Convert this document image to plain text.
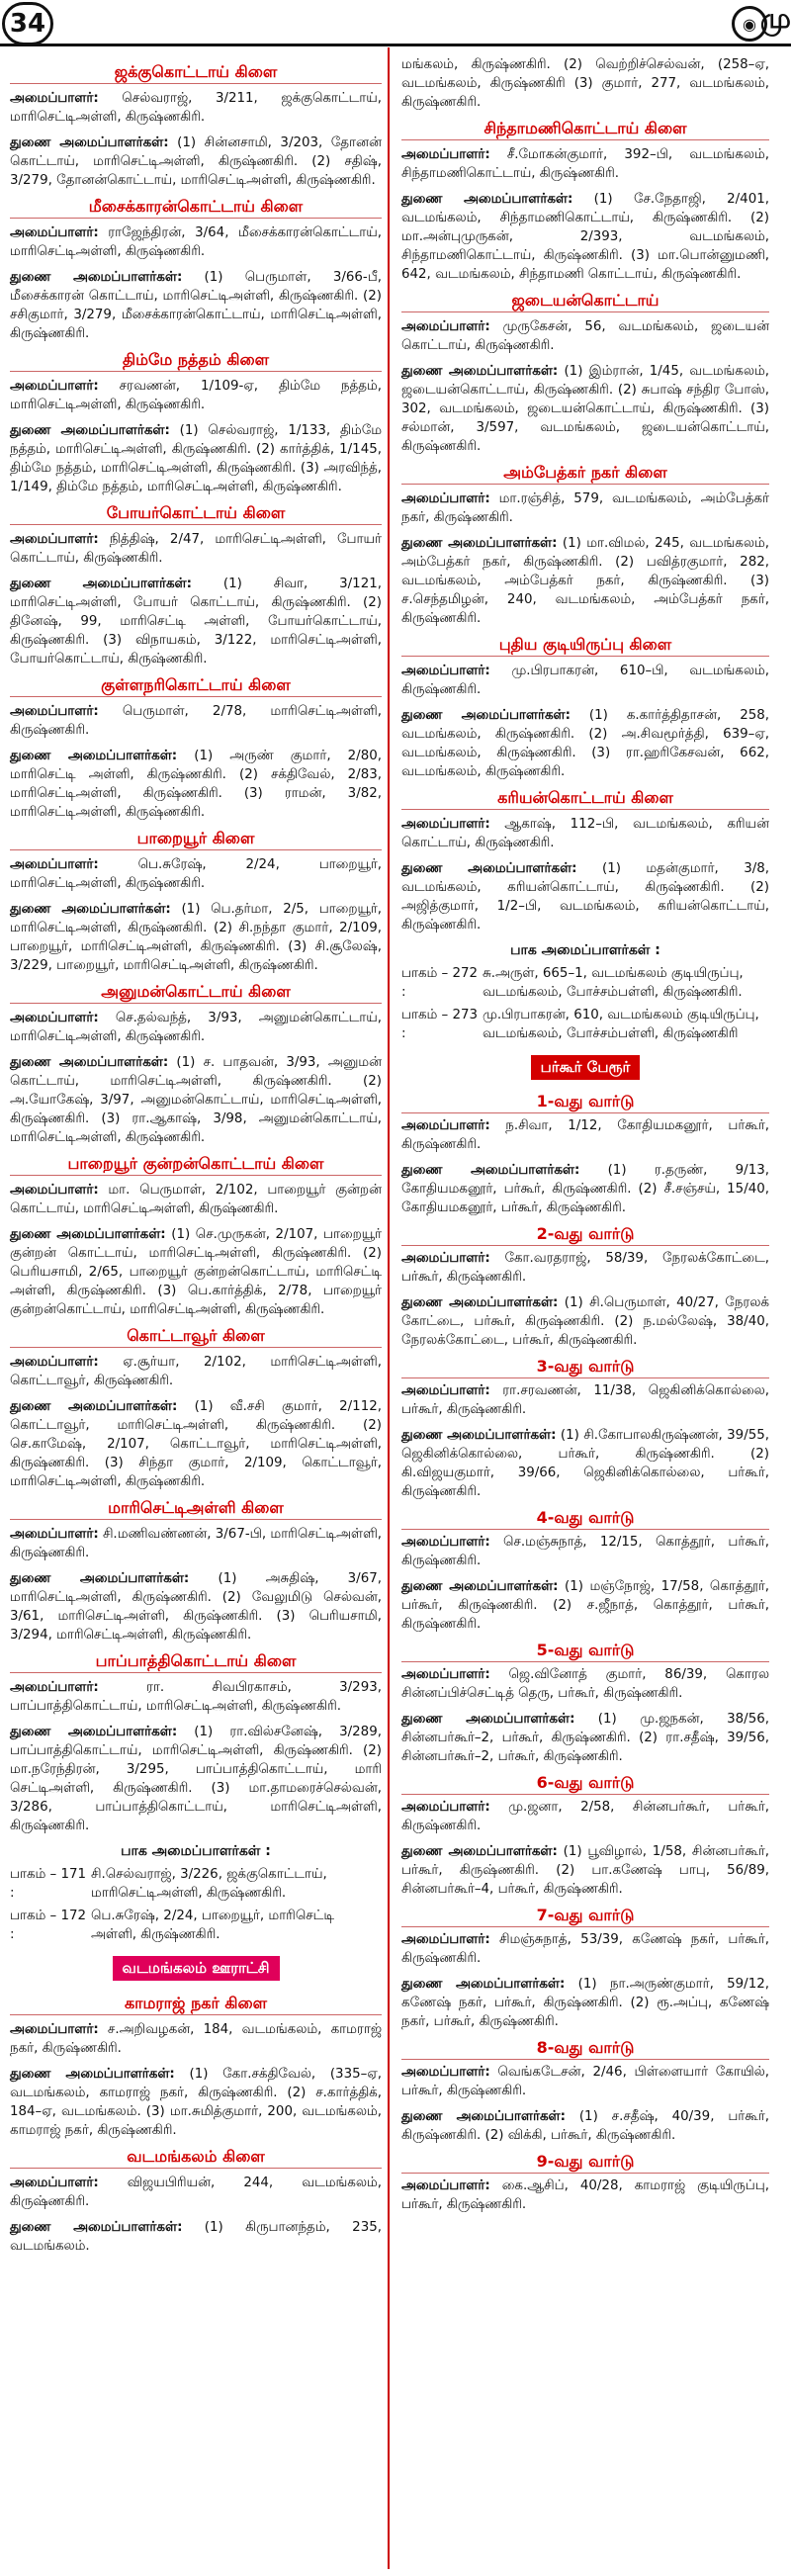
34	◉ மு
ஜக்குகொட்டாய் கிளை
அமைப்பாளர்: செல்வராஜ், 3/211, ஜக்குகொட்டாய், மாரிசெட்டிஅள்ளி, கிருஷ்ணகிரி.
துணை அமைப்பாளர்கள்: (1) சின்னசாமி, 3/203, தோனன் கொட்டாய், மாரிசெட்டிஅள்ளி, கிருஷ்ணகிரி. (2) சதிஷ், 3/279, தோனன்கொட்டாய், மாரிசெட்டிஅள்ளி, கிருஷ்ணகிரி.
மீசைக்காரன்கொட்டாய் கிளை
அமைப்பாளர்: ராஜேந்திரன், 3/64, மீசைக்காரன்கொட்டாய், மாரிசெட்டிஅள்ளி, கிருஷ்ணகிரி.
துணை அமைப்பாளர்கள்: (1) பெருமாள், 3/66-பீ, மீசைக்காரன் கொட்டாய், மாரிசெட்டிஅள்ளி, கிருஷ்ணகிரி. (2) சசிகுமார், 3/279, மீசைக்காரன்கொட்டாய், மாரிசெட்டிஅள்ளி, கிருஷ்ணகிரி.
திம்மே நத்தம் கிளை
அமைப்பாளர்: சரவணன், 1/109-ஏ, திம்மே நத்தம், மாரிசெட்டிஅள்ளி, கிருஷ்ணகிரி.
துணை அமைப்பாளர்கள்: (1) செல்வராஜ், 1/133, திம்மே நத்தம், மாரிசெட்டிஅள்ளி, கிருஷ்ணகிரி. (2) கார்த்திக், 1/145, திம்மே நத்தம், மாரிசெட்டிஅள்ளி, கிருஷ்ணகிரி. (3) அரவிந்த், 1/149, திம்மே நத்தம், மாரிசெட்டிஅள்ளி, கிருஷ்ணகிரி.
போயர்கொட்டாய் கிளை
அமைப்பாளர்: நித்திஷ், 2/47, மாரிசெட்டிஅள்ளி, போயர் கொட்டாய், கிருஷ்ணகிரி.
துணை அமைப்பாளர்கள்: (1) சிவா, 3/121, மாரிசெட்டிஅள்ளி, போயர் கொட்டாய், கிருஷ்ணகிரி. (2) தினேஷ், 99, மாரிசெட்டி அள்ளி, போயர்கொட்டாய், கிருஷ்ணகிரி. (3) விநாயகம், 3/122, மாரிசெட்டிஅள்ளி, போயர்கொட்டாய், கிருஷ்ணகிரி.
குள்ளநரிகொட்டாய் கிளை
அமைப்பாளர்: பெருமாள், 2/78, மாரிசெட்டிஅள்ளி, கிருஷ்ணகிரி.
துணை அமைப்பாளர்கள்: (1) அருண் குமார், 2/80, மாரிசெட்டி அள்ளி, கிருஷ்ணகிரி. (2) சக்திவேல், 2/83, மாரிசெட்டிஅள்ளி, கிருஷ்ணகிரி. (3) ராமன், 3/82, மாரிசெட்டிஅள்ளி, கிருஷ்ணகிரி.
பாறையூர் கிளை
அமைப்பாளர்: பெ.சுரேஷ், 2/24, பாறையூர், மாரிசெட்டிஅள்ளி, கிருஷ்ணகிரி.
துணை அமைப்பாளர்கள்: (1) பெ.தர்மா, 2/5, பாறையூர், மாரிசெட்டிஅள்ளி, கிருஷ்ணகிரி. (2) சி.நந்தா குமார், 2/109, பாறையூர், மாரிசெட்டிஅள்ளி, கிருஷ்ணகிரி. (3) சி.சூலேஷ், 3/229, பாறையூர், மாரிசெட்டிஅள்ளி, கிருஷ்ணகிரி.
அனுமன்கொட்டாய் கிளை
அமைப்பாளர்: செ.தல்வந்த், 3/93, அனுமன்கொட்டாய், மாரிசெட்டிஅள்ளி, கிருஷ்ணகிரி.
துணை அமைப்பாளர்கள்: (1) ச. பாதவன், 3/93, அனுமன் கொட்டாய், மாரிசெட்டிஅள்ளி, கிருஷ்ணகிரி. (2) அ.யோகேஷ், 3/97, அனுமன்கொட்டாய், மாரிசெட்டிஅள்ளி, கிருஷ்ணகிரி. (3) ரா.ஆகாஷ், 3/98, அனுமன்கொட்டாய், மாரிசெட்டிஅள்ளி, கிருஷ்ணகிரி.
பாறையூர் குன்றன்கொட்டாய் கிளை
அமைப்பாளர்: மா. பெருமாள், 2/102, பாறையூர் குன்றன் கொட்டாய், மாரிசெட்டிஅள்ளி, கிருஷ்ணகிரி.
துணை அமைப்பாளர்கள்: (1) செ.முருகன், 2/107, பாறையூர் குன்றன் கொட்டாய், மாரிசெட்டிஅள்ளி, கிருஷ்ணகிரி. (2) பெரியசாமி, 2/65, பாறையூர் குன்றன்கொட்டாய், மாரிசெட்டி அள்ளி, கிருஷ்ணகிரி. (3) பெ.கார்த்திக், 2/78, பாறையூர் குன்றன்கொட்டாய், மாரிசெட்டிஅள்ளி, கிருஷ்ணகிரி.
கொட்டாவூர் கிளை
அமைப்பாளர்: ஏ.சூர்யா, 2/102, மாரிசெட்டிஅள்ளி, கொட்டாவூர், கிருஷ்ணகிரி.
துணை அமைப்பாளர்கள்: (1) வீ.சசி குமார், 2/112, கொட்டாவூர், மாரிசெட்டிஅள்ளி, கிருஷ்ணகிரி. (2) செ.காமேஷ், 2/107, கொட்டாவூர், மாரிசெட்டிஅள்ளி, கிருஷ்ணகிரி. (3) சிந்தா குமார், 2/109, கொட்டாவூர், மாரிசெட்டிஅள்ளி, கிருஷ்ணகிரி.
மாரிசெட்டிஅள்ளி கிளை
அமைப்பாளர்: சி.மணிவண்ணன், 3/67-பி, மாரிசெட்டிஅள்ளி, கிருஷ்ணகிரி.
துணை அமைப்பாளர்கள்: (1) அசுதிஷ், 3/67, மாரிசெட்டிஅள்ளி, கிருஷ்ணகிரி. (2) வேலுமிடு செல்வன், 3/61, மாரிசெட்டிஅள்ளி, கிருஷ்ணகிரி. (3) பெரியசாமி, 3/294, மாரிசெட்டிஅள்ளி, கிருஷ்ணகிரி.
பாப்பாத்திகொட்டாய் கிளை
அமைப்பாளர்: ரா. சிவபிரகாசம், 3/293, பாப்பாத்திகொட்டாய், மாரிசெட்டிஅள்ளி, கிருஷ்ணகிரி.
துணை அமைப்பாளர்கள்: (1) ரா.வில்சனேஷ், 3/289, பாப்பாத்திகொட்டாய், மாரிசெட்டிஅள்ளி, கிருஷ்ணகிரி. (2) மா.நரேந்திரன், 3/295, பாப்பாத்திகொட்டாய், மாரி செட்டிஅள்ளி, கிருஷ்ணகிரி. (3) மா.தாமரைச்செல்வன், 3/286, பாப்பாத்திகொட்டாய், மாரிசெட்டிஅள்ளி, கிருஷ்ணகிரி.
பாக அமைப்பாளர்கள் :
பாகம் – 171 :
சி.செல்வராஜ், 3/226, ஜக்குகொட்டாய், மாரிசெட்டிஅள்ளி, கிருஷ்ணகிரி.
பாகம் – 172 :
பெ.சுரேஷ், 2/24, பாறையூர், மாரிசெட்டி அள்ளி, கிருஷ்ணகிரி.
வடமங்கலம் ஊராட்சி
காமராஜ் நகர் கிளை
அமைப்பாளர்: ச.அறிவழகன், 184, வடமங்கலம், காமராஜ் நகர், கிருஷ்ணகிரி.
துணை அமைப்பாளர்கள்: (1) கோ.சக்திவேல், (335–ஏ, வடமங்கலம், காமராஜ் நகர், கிருஷ்ணகிரி. (2) ச.கார்த்திக், 184–ஏ, வடமங்கலம். (3) மா.சுமித்குமார், 200, வடமங்கலம், காமராஜ் நகர், கிருஷ்ணகிரி.
வடமங்கலம் கிளை
அமைப்பாளர்: விஜயபிரியன், 244, வடமங்கலம், கிருஷ்ணகிரி.
துணை அமைப்பாளர்கள்: (1) கிருபானந்தம், 235, வடமங்கலம்.
மங்கலம், கிருஷ்ணகிரி. (2) வெற்றிச்செல்வன், (258–ஏ, வடமங்கலம், கிருஷ்ணகிரி (3) குமார், 277, வடமங்கலம், கிருஷ்ணகிரி.
சிந்தாமணிகொட்டாய் கிளை
அமைப்பாளர்: சீ.மோகன்குமார், 392–பி, வடமங்கலம், சிந்தாமணிகொட்டாய், கிருஷ்ணகிரி.
துணை அமைப்பாளர்கள்: (1) சே.நேதாஜி, 2/401, வடமங்கலம், சிந்தாமணிகொட்டாய், கிருஷ்ணகிரி. (2) மா.அன்புமுருகன், 2/393, வடமங்கலம், சிந்தாமணிகொட்டாய், கிருஷ்ணகிரி. (3) மா.பொன்னுமணி, 642, வடமங்கலம், சிந்தாமணி கொட்டாய், கிருஷ்ணகிரி.
ஜடையன்கொட்டாய்
அமைப்பாளர்: முருகேசன், 56, வடமங்கலம், ஜடையன் கொட்டாய், கிருஷ்ணகிரி.
துணை அமைப்பாளர்கள்: (1) இம்ரான், 1/45, வடமங்கலம், ஜடையன்கொட்டாய், கிருஷ்ணகிரி. (2) சுபாஷ் சந்திர போஸ், 302, வடமங்கலம், ஜடையன்கொட்டாய், கிருஷ்ணகிரி. (3) சல்மான், 3/597, வடமங்கலம், ஜடையன்கொட்டாய், கிருஷ்ணகிரி.
அம்பேத்கர் நகர் கிளை
அமைப்பாளர்: மா.ரஞ்சித், 579, வடமங்கலம், அம்பேத்கர் நகர், கிருஷ்ணகிரி.
துணை அமைப்பாளர்கள்: (1) மா.விமல், 245, வடமங்கலம், அம்பேத்கர் நகர், கிருஷ்ணகிரி. (2) பவித்ரகுமார், 282, வடமங்கலம், அம்பேத்கர் நகர், கிருஷ்ணகிரி. (3) ச.செந்தமிழன், 240, வடமங்கலம், அம்பேத்கர் நகர், கிருஷ்ணகிரி.
புதிய குடியிருப்பு கிளை
அமைப்பாளர்: மு.பிரபாகரன், 610–பி, வடமங்கலம், கிருஷ்ணகிரி.
துணை அமைப்பாளர்கள்: (1) க.கார்த்திதாசன், 258, வடமங்கலம், கிருஷ்ணகிரி. (2) அ.சிவமூர்த்தி, 639–ஏ, வடமங்கலம், கிருஷ்ணகிரி. (3) ரா.ஹரிகேசவன், 662, வடமங்கலம், கிருஷ்ணகிரி.
கரியன்கொட்டாய் கிளை
அமைப்பாளர்: ஆகாஷ், 112–பி, வடமங்கலம், கரியன் கொட்டாய், கிருஷ்ணகிரி.
துணை அமைப்பாளர்கள்: (1) மதன்குமார், 3/8, வடமங்கலம், கரியன்கொட்டாய், கிருஷ்ணகிரி. (2) அஜித்குமார், 1/2–பி, வடமங்கலம், கரியன்கொட்டாய், கிருஷ்ணகிரி.
பாக அமைப்பாளர்கள் :
பாகம் – 272 :
சு.அருள், 665–1, வடமங்கலம் குடியிருப்பு, வடமங்கலம், போச்சம்பள்ளி, கிருஷ்ணகிரி.
பாகம் – 273 :
மு.பிரபாகரன், 610, வடமங்கலம் குடியிருப்பு, வடமங்கலம், போச்சம்பள்ளி, கிருஷ்ணகிரி
பர்கூர் பேரூர்
1-வது வார்டு
அமைப்பாளர்: ந.சிவா, 1/12, கோதியமகனூர், பர்கூர், கிருஷ்ணகிரி.
துணை அமைப்பாளர்கள்: (1) ர.தருண், 9/13, கோதியமகனூர், பர்கூர், கிருஷ்ணகிரி. (2) சீ.சஞ்சய், 15/40, கோதியமகனூர், பர்கூர், கிருஷ்ணகிரி.
2-வது வார்டு
அமைப்பாளர்: கோ.வரதராஜ், 58/39, நேரலக்கோட்டை, பர்கூர், கிருஷ்ணகிரி.
துணை அமைப்பாளர்கள்: (1) சி.பெருமாள், 40/27, நேரலக் கோட்டை, பர்கூர், கிருஷ்ணகிரி. (2) ந.மல்லேஷ், 38/40, நேரலக்கோட்டை, பர்கூர், கிருஷ்ணகிரி.
3-வது வார்டு
அமைப்பாளர்: ரா.சரவணன், 11/38, ஜெகினிக்கொல்லை, பர்கூர், கிருஷ்ணகிரி.
துணை அமைப்பாளர்கள்: (1) சி.கோபாலகிருஷ்ணன், 39/55, ஜெகினிக்கொல்லை, பர்கூர், கிருஷ்ணகிரி. (2) கி.விஜயகுமார், 39/66, ஜெகினிக்கொல்லை, பர்கூர், கிருஷ்ணகிரி.
4-வது வார்டு
அமைப்பாளர்: செ.மஞ்சுநாத், 12/15, கொத்தூர், பர்கூர், கிருஷ்ணகிரி.
துணை அமைப்பாளர்கள்: (1) மஞ்நோஜ், 17/58, கொத்தூர், பர்கூர், கிருஷ்ணகிரி. (2) ச.ஜீநாத், கொத்தூர், பர்கூர், கிருஷ்ணகிரி.
5-வது வார்டு
அமைப்பாளர்: ஜெ.வினோத் குமார், 86/39, கொரல சின்னப்பிச்செட்டித் தெரு, பர்கூர், கிருஷ்ணகிரி.
துணை அமைப்பாளர்கள்: (1) மு.ஜநகன், 38/56, சின்னபர்கூர்–2, பர்கூர், கிருஷ்ணகிரி. (2) ரா.சதீஷ், 39/56, சின்னபர்கூர்–2, பர்கூர், கிருஷ்ணகிரி.
6-வது வார்டு
அமைப்பாளர்: மு.ஜனா, 2/58, சின்னபர்கூர், பர்கூர், கிருஷ்ணகிரி.
துணை அமைப்பாளர்கள்: (1) பூவிழால், 1/58, சின்னபர்கூர், பர்கூர், கிருஷ்ணகிரி. (2) பா.கணேஷ் பாபு, 56/89, சின்னபர்கூர்–4, பர்கூர், கிருஷ்ணகிரி.
7-வது வார்டு
அமைப்பாளர்: சிமஞ்சுநாத், 53/39, கணேஷ் நகர், பர்கூர், கிருஷ்ணகிரி.
துணை அமைப்பாளர்கள்: (1) நா.அருண்குமார், 59/12, கணேஷ் நகர், பர்கூர், கிருஷ்ணகிரி. (2) ரூ.அப்பு, கணேஷ் நகர், பர்கூர், கிருஷ்ணகிரி.
8-வது வார்டு
அமைப்பாளர்: வெங்கடேசன், 2/46, பிள்ளையார் கோயில், பர்கூர், கிருஷ்ணகிரி.
துணை அமைப்பாளர்கள்: (1) ச.சதீஷ், 40/39, பர்கூர், கிருஷ்ணகிரி. (2) விக்கி, பர்கூர், கிருஷ்ணகிரி.
9-வது வார்டு
அமைப்பாளர்: கை.ஆசிப், 40/28, காமராஜ் குடியிருப்பு, பர்கூர், கிருஷ்ணகிரி.
